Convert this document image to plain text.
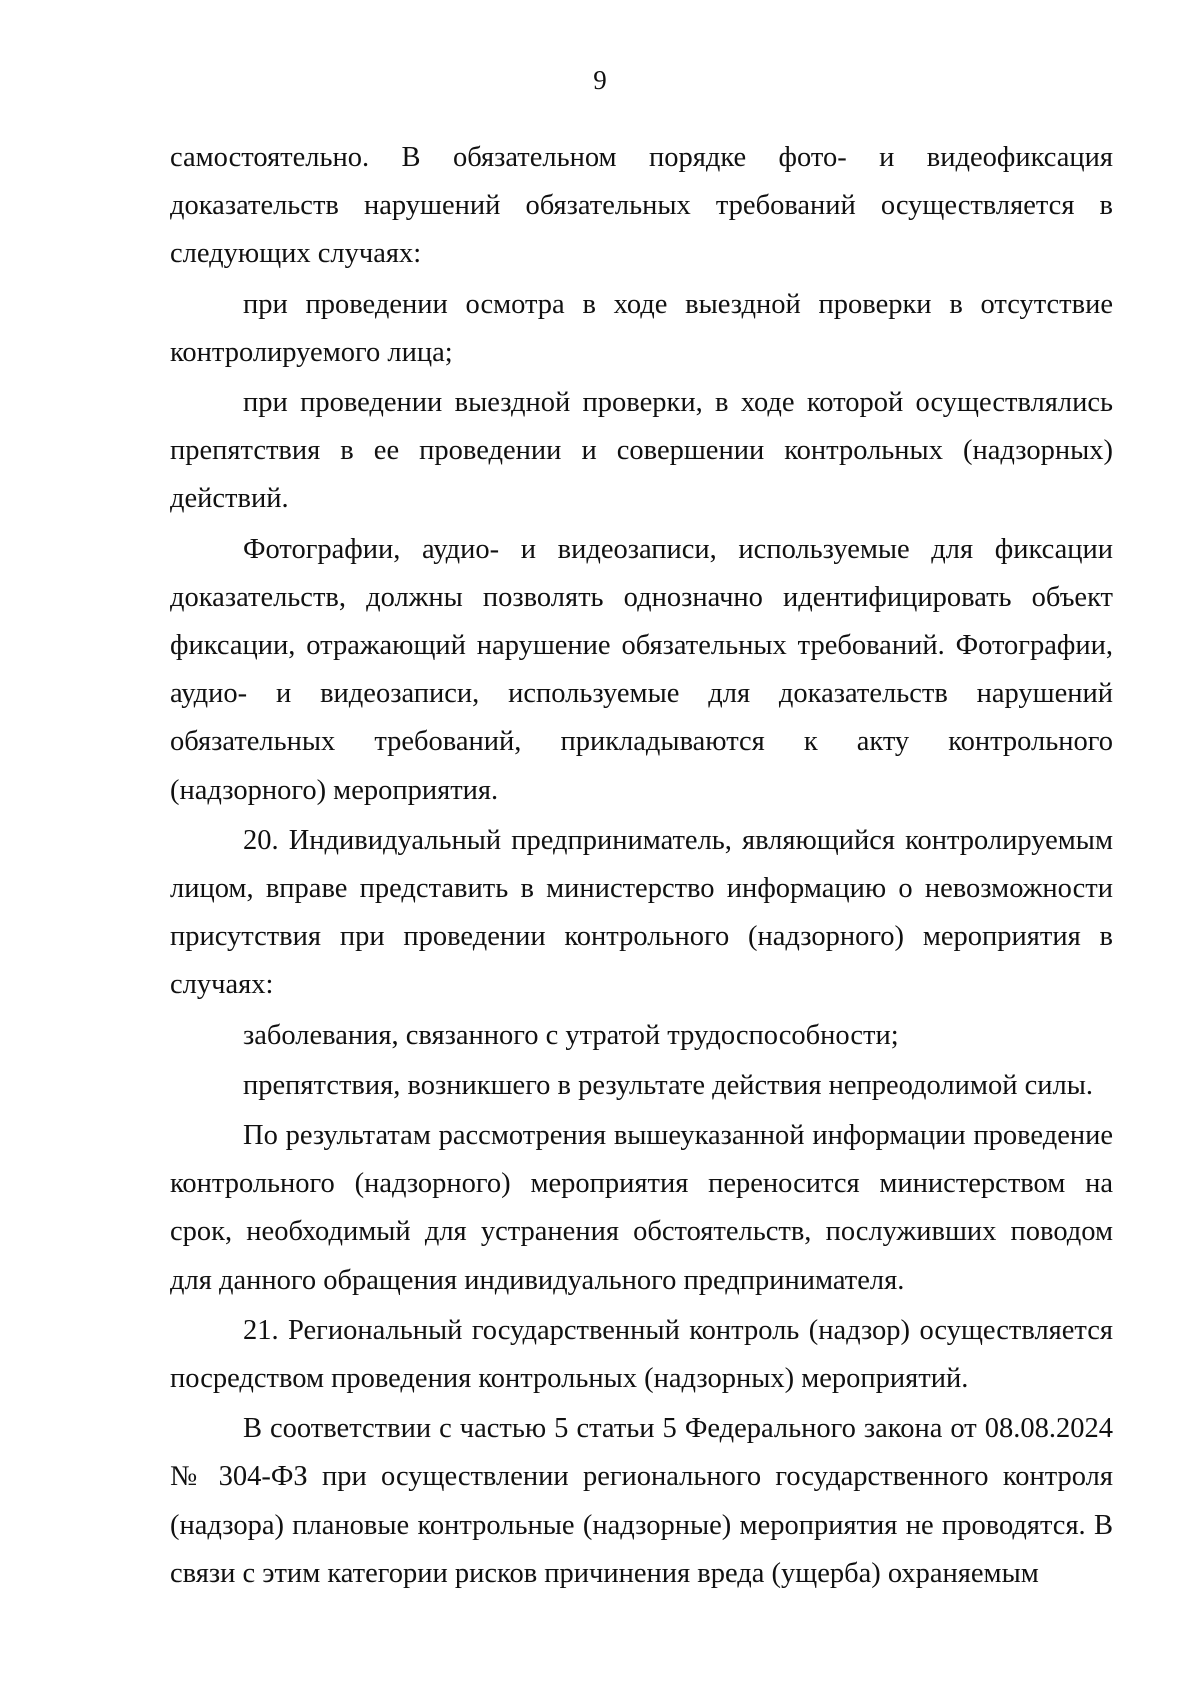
9

самостоятельно. В обязательном порядке фото- и видеофиксация доказательств нарушений обязательных требований осуществляется в следующих случаях:

при проведении осмотра в ходе выездной проверки в отсутствие контролируемого лица;

при проведении выездной проверки, в ходе которой осуществлялись препятствия в ее проведении и совершении контрольных (надзорных) действий.

Фотографии, аудио- и видеозаписи, используемые для фиксации доказательств, должны позволять однозначно идентифицировать объект фиксации, отражающий нарушение обязательных требований. Фотографии, аудио- и видеозаписи, используемые для доказательств нарушений обязательных требований, прикладываются к акту контрольного (надзорного) мероприятия.

20. Индивидуальный предприниматель, являющийся контролируемым лицом, вправе представить в министерство информацию о невозможности присутствия при проведении контрольного (надзорного) мероприятия в случаях:

заболевания, связанного с утратой трудоспособности;

препятствия, возникшего в результате действия непреодолимой силы.

По результатам рассмотрения вышеуказанной информации проведение контрольного (надзорного) мероприятия переносится министерством на срок, необходимый для устранения обстоятельств, послуживших поводом для данного обращения индивидуального предпринимателя.

21. Региональный государственный контроль (надзор) осуществляется посредством проведения контрольных (надзорных) мероприятий.

В соответствии с частью 5 статьи 5 Федерального закона от 08.08.2024 № 304-ФЗ при осуществлении регионального государственного контроля (надзора) плановые контрольные (надзорные) мероприятия не проводятся. В связи с этим категории рисков причинения вреда (ущерба) охраняемым
